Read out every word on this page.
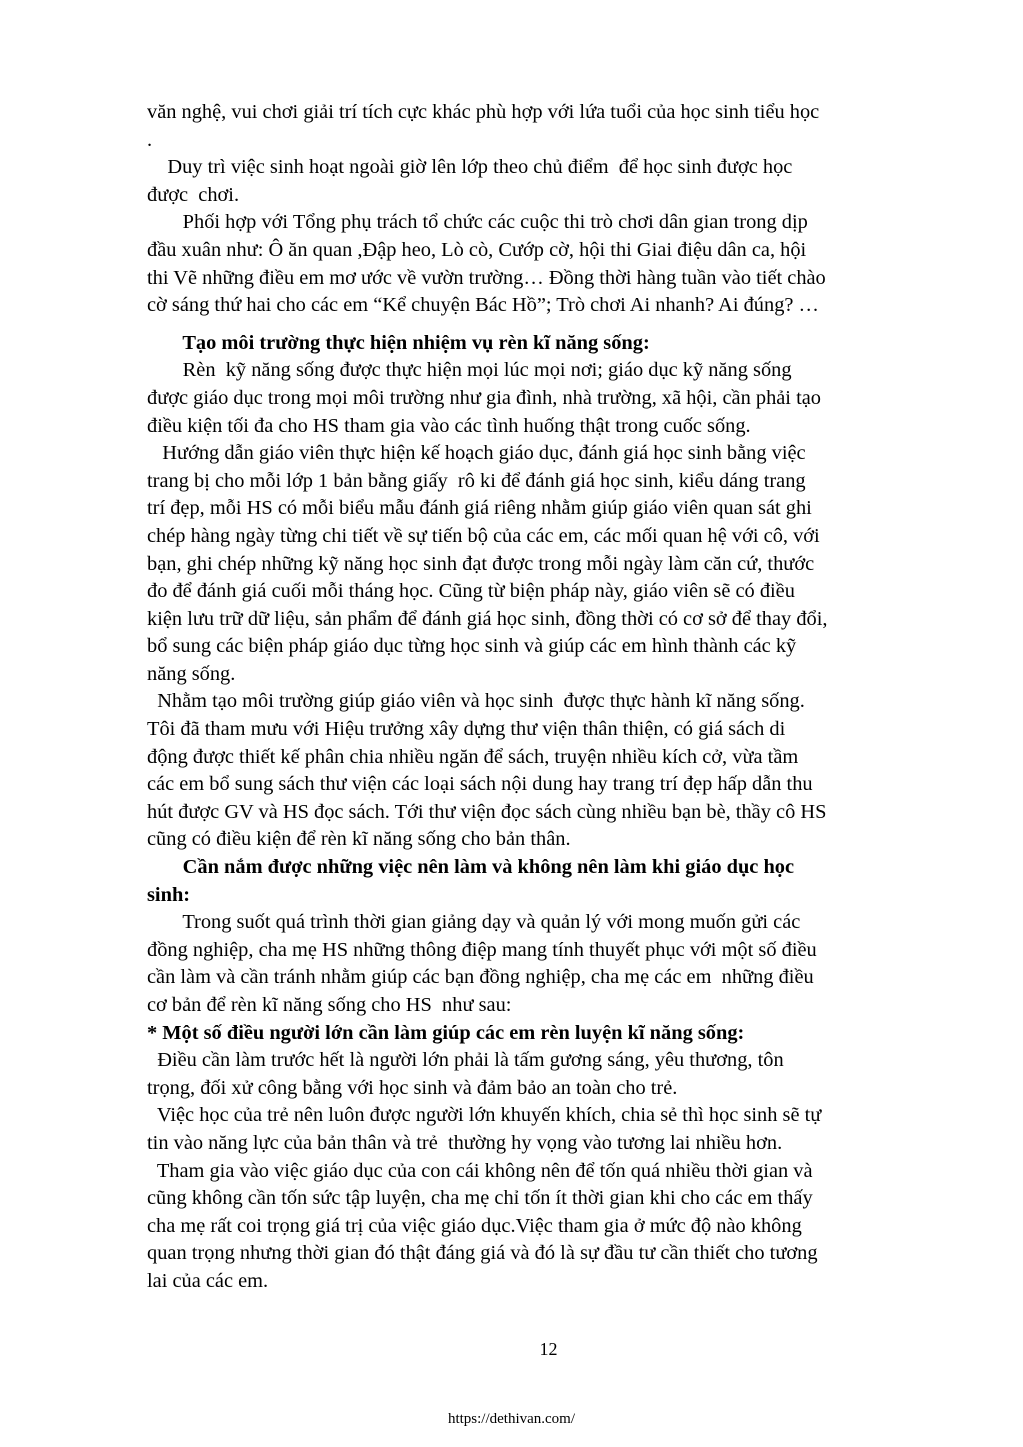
văn nghệ, vui chơi giải trí tích cực khác phù hợp với lứa tuổi của học sinh tiểu học
.
Duy trì việc sinh hoạt ngoài giờ lên lớp theo chủ điểm  để học sinh được học
được  chơi.
Phối hợp với Tổng phụ trách tổ chức các cuộc thi trò chơi dân gian trong dịp
đầu xuân như: Ô ăn quan ,Đập heo, Lò cò, Cướp cờ, hội thi Giai điệu dân ca, hội
thi Vẽ những điều em mơ ước về vườn trường… Đồng thời hàng tuần vào tiết chào
cờ sáng thứ hai cho các em “Kể chuyện Bác Hồ”; Trò chơi Ai nhanh? Ai đúng? …
Tạo môi trường thực hiện nhiệm vụ rèn kĩ năng sống:
Rèn  kỹ năng sống được thực hiện mọi lúc mọi nơi; giáo dục kỹ năng sống
được giáo dục trong mọi môi trường như gia đình, nhà trường, xã hội, cần phải tạo
điều kiện tối đa cho HS tham gia vào các tình huống thật trong cuốc sống.
Hướng dẫn giáo viên thực hiện kế hoạch giáo dục, đánh giá học sinh bằng việc
trang bị cho mỗi lớp 1 bản bằng giấy  rô ki để đánh giá học sinh, kiểu dáng trang
trí đẹp, mỗi HS có mỗi biểu mẫu đánh giá riêng nhằm giúp giáo viên quan sát ghi
chép hàng ngày từng chi tiết về sự tiến bộ của các em, các mối quan hệ với cô, với
bạn, ghi chép những kỹ năng học sinh đạt được trong mỗi ngày làm căn cứ, thước
đo để đánh giá cuối mỗi tháng học. Cũng từ biện pháp này, giáo viên sẽ có điều
kiện lưu trữ dữ liệu, sản phẩm để đánh giá học sinh, đồng thời có cơ sở để thay đổi,
bổ sung các biện pháp giáo dục từng học sinh và giúp các em hình thành các kỹ
năng sống.
Nhằm tạo môi trường giúp giáo viên và học sinh  được thực hành kĩ năng sống.
Tôi đã tham mưu với Hiệu trưởng xây dựng thư viện thân thiện, có giá sách di
động được thiết kế phân chia nhiều ngăn để sách, truyện nhiều kích cở, vừa tầm
các em bổ sung sách thư viện các loại sách nội dung hay trang trí đẹp hấp dẫn thu
hút được GV và HS đọc sách. Tới thư viện đọc sách cùng nhiều bạn bè, thầy cô HS
cũng có điều kiện để rèn kĩ năng sống cho bản thân.
Cần nắm được những việc nên làm và không nên làm khi giáo dục học
sinh:
Trong suốt quá trình thời gian giảng dạy và quản lý với mong muốn gửi các
đồng nghiệp, cha mẹ HS những thông điệp mang tính thuyết phục với một số điều
cần làm và cần tránh nhằm giúp các bạn đồng nghiệp, cha mẹ các em  những điều
cơ bản để rèn kĩ năng sống cho HS  như sau:
* Một số điều người lớn cần làm giúp các em rèn luyện kĩ năng sống:
Điều cần làm trước hết là người lớn phải là tấm gương sáng, yêu thương, tôn
trọng, đối xử công bằng với học sinh và đảm bảo an toàn cho trẻ.
Việc học của trẻ nên luôn được người lớn khuyến khích, chia sẻ thì học sinh sẽ tự
tin vào năng lực của bản thân và trẻ  thường hy vọng vào tương lai nhiều hơn.
Tham gia vào việc giáo dục của con cái không nên để tốn quá nhiều thời gian và
cũng không cần tốn sức tập luyện, cha mẹ chỉ tốn ít thời gian khi cho các em thấy
cha mẹ rất coi trọng giá trị của việc giáo dục.Việc tham gia ở mức độ nào không
quan trọng nhưng thời gian đó thật đáng giá và đó là sự đầu tư cần thiết cho tương
lai của các em.
12
https://dethivan.com/
